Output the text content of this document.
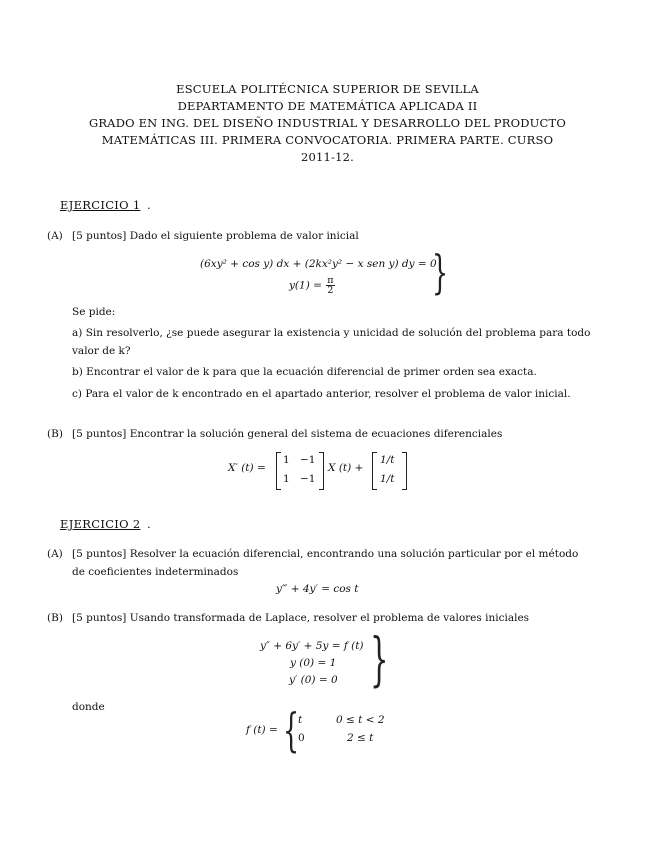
ESCUELA POLITÉCNICA SUPERIOR DE SEVILLA
DEPARTAMENTO DE MATEMÁTICA APLICADA II
GRADO EN ING. DEL DISEÑO INDUSTRIAL Y DESARROLLO DEL PRODUCTO
MATEMÁTICAS III. PRIMERA CONVOCATORIA. PRIMERA PARTE. CURSO
2011-12.
EJERCICIO 1 .
(A) [5 puntos] Dado el siguiente problema de valor inicial
(6xy² + cos y) dx + (2kx²y² − x sen y) dy = 0
$y(1) = \frac{\pi}{2}$ }
Se pide:
a) Sin resolverlo, ¿se puede asegurar la existencia y unicidad de solución del problema para todo
valor de k?
b) Encontrar el valor de k para que la ecuación diferencial de primer orden sea exacta.
c) Para el valor de k encontrado en el apartado anterior, resolver el problema de valor inicial.
(B) [5 puntos] Encontrar la solución general del sistema de ecuaciones diferenciales
X′ (t) =
1 −1
1 −1
X (t) +
1/t
1/t
EJERCICIO 2 .
(A) [5 puntos] Resolver la ecuación diferencial, encontrando una solución particular por el método
de coeficientes indeterminados
y‴ + 4y′ = cos t
(B) [5 puntos] Usando transformada de Laplace, resolver el problema de valores iniciales
y″ + 6y′ + 5y = f (t)
y (0) = 1
y′ (0) = 0 }
donde
f (t) = {
t	0 ≤ t < 2
0	2 ≤ t
